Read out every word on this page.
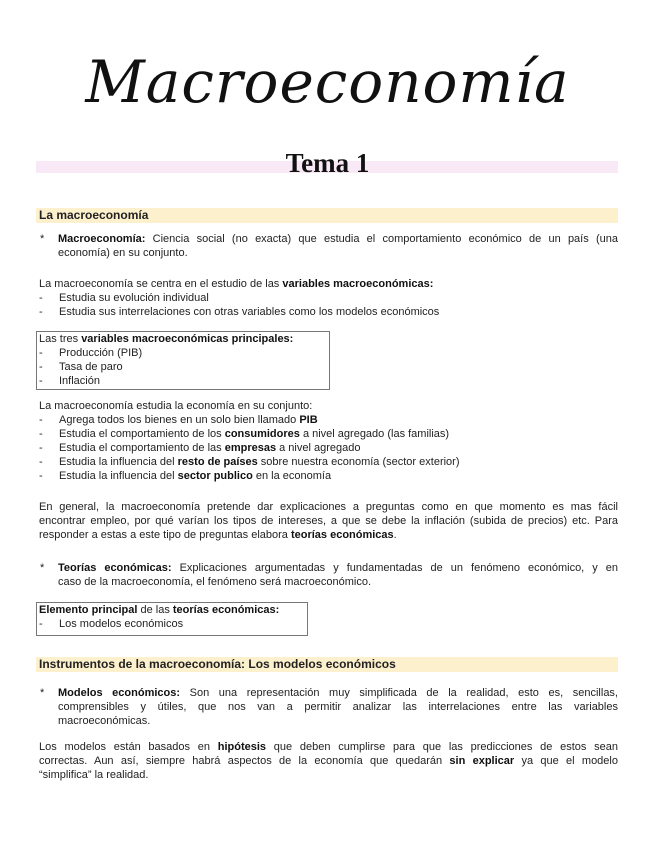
Macroeconomía
Tema 1
La macroeconomía
Instrumentos de la macroeconomía: Los modelos económicos
* Macroeconomía: Ciencia social (no exacta) que estudia el comportamiento económico de un país (una
economía) en su conjunto.
La macroeconomía se centra en el estudio de las variables macroeconómicas:
- Estudia su evolución individual
- Estudia sus interrelaciones con otras variables como los modelos económicos
Las tres variables macroeconómicas principales:
- Producción (PIB)
- Tasa de paro
- Inflación
La macroeconomía estudia la economía en su conjunto:
- Agrega todos los bienes en un solo bien llamado PIB
- Estudia el comportamiento de los consumidores a nivel agregado (las familias)
- Estudia el comportamiento de las empresas a nivel agregado
- Estudia la influencia del resto de países sobre nuestra economía (sector exterior)
- Estudia la influencia del sector publico en la economía
En general, la macroeconomía pretende dar explicaciones a preguntas como en que momento es mas fácil
encontrar empleo, por qué varían los tipos de intereses, a que se debe la inflación (subida de precios) etc. Para
responder a estas a este tipo de preguntas elabora teorías económicas.
* Teorías económicas: Explicaciones argumentadas y fundamentadas de un fenómeno económico, y en
caso de la macroeconomía, el fenómeno será macroeconómico.
Elemento principal de las teorías económicas:
- Los modelos económicos
* Modelos económicos: Son una representación muy simplificada de la realidad, esto es, sencillas,
comprensibles y útiles, que nos van a permitir analizar las interrelaciones entre las variables
macroeconómicas.
Los modelos están basados en hipótesis que deben cumplirse para que las predicciones de estos sean
correctas. Aun así, siempre habrá aspectos de la economía que quedarán sin explicar ya que el modelo
“simplifica” la realidad.
